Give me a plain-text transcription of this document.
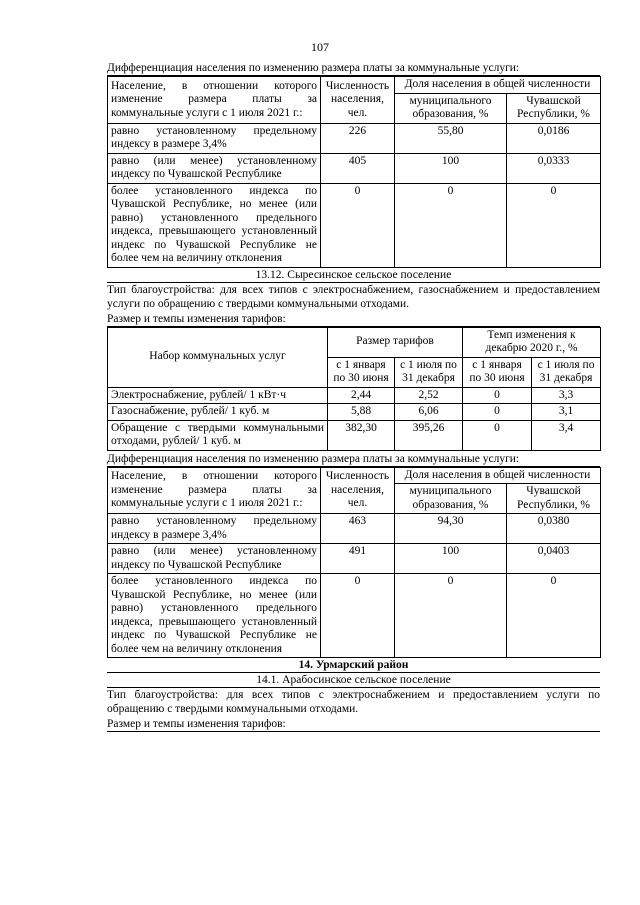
107
Дифференциация населения по изменению размера платы за коммунальные услуги:
Население, в отношении которого изменение размера платы за коммунальные услуги с 1 июля 2021 г.:	Численность населения, чел.	Доля населения в общей численности	
		муниципального образования, %	Чувашской Республики, %
равно установленному предельному индексу в размере 3,4%	226	55,80	0,0186
равно (или менее) установленному индексу по Чувашской Республике	405	100	0,0333
более установленного индекса по Чувашской Республике, но менее (или равно) установленного предельного индекса, превышающего установленный индекс по Чувашской Республике не более чем на величину отклонения	0	0	0
13.12. Сыресинское сельское поселение
Тип благоустройства: для всех типов с электроснабжением, газоснабжением и предоставлением услуги по обращению с твердыми коммунальными отходами.
Размер и темпы изменения тарифов:
Набор коммунальных услуг	Размер тарифов		Темп изменения к декабрю 2020 г., %	
	с 1 января по 30 июня	с 1 июля по 31 декабря	с 1 января по 30 июня	с 1 июля по 31 декабря
Электроснабжение, рублей/ 1 кВт·ч	2,44	2,52	0	3,3
Газоснабжение, рублей/ 1 куб. м	5,88	6,06	0	3,1
Обращение с твердыми коммунальными отходами, рублей/ 1 куб. м	382,30	395,26	0	3,4
Дифференциация населения по изменению размера платы за коммунальные услуги:
Население, в отношении которого изменение размера платы за коммунальные услуги с 1 июля 2021 г.:	Численность населения, чел.	Доля населения в общей численности	
		муниципального образования, %	Чувашской Республики, %
равно установленному предельному индексу в размере 3,4%	463	94,30	0,0380
равно (или менее) установленному индексу по Чувашской Республике	491	100	0,0403
более установленного индекса по Чувашской Республике, но менее (или равно) установленного предельного индекса, превышающего установленный индекс по Чувашской Республике не более чем на величину отклонения	0	0	0
14. Урмарский район
14.1. Арабосинское сельское поселение
Тип благоустройства: для всех типов с электроснабжением и предоставлением услуги по обращению с твердыми коммунальными отходами.
Размер и темпы изменения тарифов:
